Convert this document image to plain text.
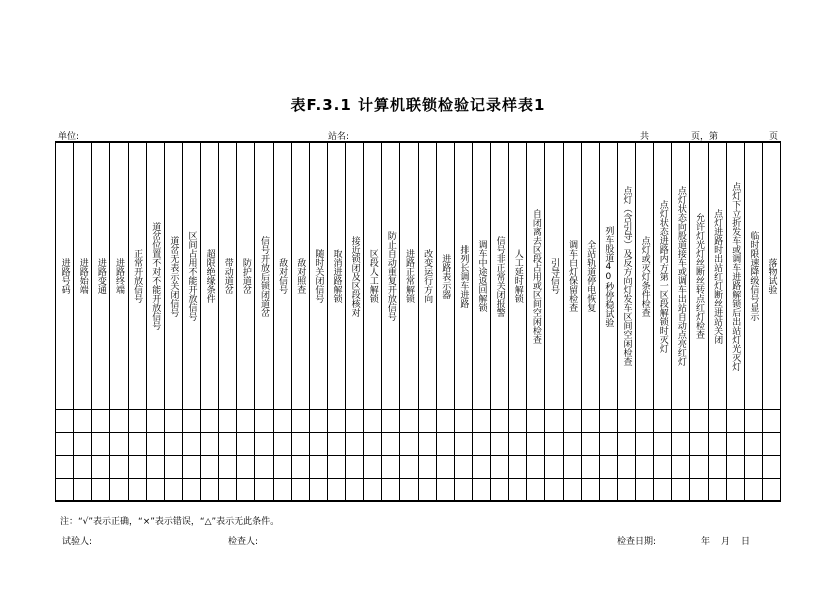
表F.3.1 计算机联锁检验记录样表1
单位:	站名:	共	页，第	页
进路号码	进路始端	进路变通	进路终端	正常开放信号	道岔位置不对不能开放信号	道岔无表示关闭信号	区间占用不能开放信号	超限绝缘条件	带动道岔	防护道岔	信号开放后锁闭道岔	敌对信号	敌对照查	随时关闭信号	取消进路解锁	接近锁闭及区段核对	区段人工解锁	防止自动重复开放信号	进路正常解锁	改变运行方向	进路表示器	排列长调车进路	调车中途返回解锁	信号非正常关闭报警	人工延时解锁	自闭离去区段占用或区间空闲检查	引导信号	调车白灯保留检查	全站轨道停电恢复	列车股道40秒停稳试验	点灯（含引导）及反方向灯发车区间空闲检查	点灯或灭灯条件检查	点灯状态进路内方第一区段解锁时灭灯	点灯状态向股道接车或调车出站自动点亮红灯	允许灯光灯丝断丝转点红灯检查	点灯进路时出站红灯断丝进站关闭	点灯下立折发车或调车进路解锁后出站灯光灭灯	临时限速降级信号显示	落物试验

注：“√”表示正确，“×”表示错误，“△”表示无此条件。
试验人:	检查人:	检查日期:	年 月 日
